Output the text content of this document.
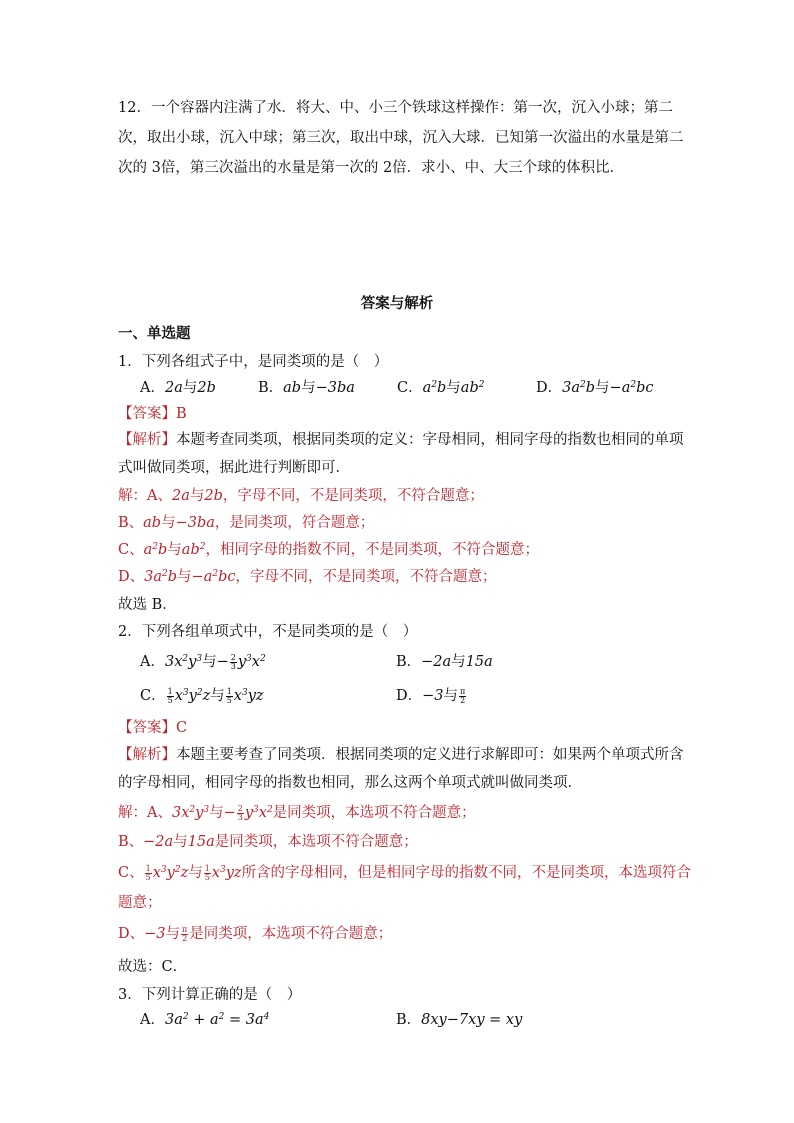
12．一个容器内注满了水．将大、中、小三个铁球这样操作：第一次，沉入小球；第二
次，取出小球，沉入中球；第三次，取出中球，沉入大球．已知第一次溢出的水量是第二
次的 3倍，第三次溢出的水量是第一次的 2倍．求小、中、大三个球的体积比．
答案与解析
一、单选题
1．下列各组式子中，是同类项的是（　）
A．2a与2b	B．ab与−3ba	C．$a^2b$与$ab^2$	D．$3a^2b$与$-a^2bc$
【答案】B
【解析】本题考查同类项，根据同类项的定义：字母相同，相同字母的指数也相同的单项
式叫做同类项，据此进行判断即可．
解：A、2a与2b，字母不同，不是同类项，不符合题意；
B、ab与−3ba，是同类项，符合题意；
C、$a^2b$与$ab^2$，相同字母的指数不同，不是同类项，不符合题意；
D、$3a^2b$与$-a^2bc$，字母不同，不是同类项，不符合题意；
故选 B．
2．下列各组单项式中，不是同类项的是（　）
A．$3x^2y^3$与− $\frac{2}{3} y^3x^2$	B．−2a与15a
C． $\frac{1}{5} x^3y^2z$与 $\frac{1}{5} x^3yz$	D．−3与 $\frac{\pi}{2}$
【答案】C
【解析】本题主要考查了同类项．根据同类项的定义进行求解即可：如果两个单项式所含
的字母相同，相同字母的指数也相同，那么这两个单项式就叫做同类项．
解：A、$3x^2y^3$与− $\frac{2}{3} y^3x^2$是同类项，本选项不符合题意；
B、−2a与15a是同类项，本选项不符合题意；
C、 $\frac{1}{5} x^3y^2z$与 $\frac{1}{5} x^3yz$所含的字母相同，但是相同字母的指数不同，不是同类项，本选项符合
题意；
D、−3与 $\frac{\pi}{2}$ 是同类项，本选项不符合题意；
故选：C．
3．下列计算正确的是（　）
A．$3a^2 + a^2 = 3a^4$	B．8xy−7xy = xy
